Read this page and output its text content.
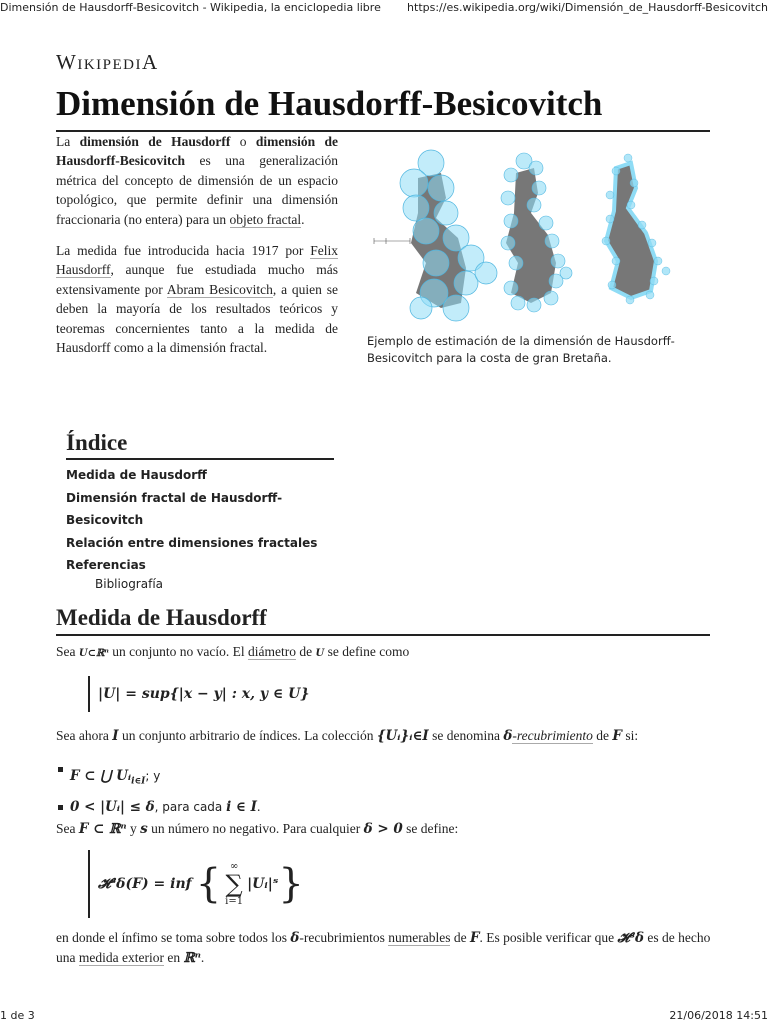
Dimensión de Hausdorff-Besicovitch - Wikipedia, la enciclopedia libre https://es.wikipedia.org/wiki/Dimensión_de_Hausdorff-Besicovitch
WikipediA
Dimensión de Hausdorff-Besicovitch

La dimensión de Hausdorff o dimensión de Hausdorff-Besicovitch es una generalización métrica del concepto de dimensión de un espacio topológico, que permite definir una dimensión fraccionaria (no entera) para un objeto fractal.

La medida fue introducida hacia 1917 por Felix Hausdorff, aunque fue estudiada mucho más extensivamente por Abram Besicovitch, a quien se deben la mayoría de los resultados teóricos y teoremas concernientes tanto a la medida de Hausdorff como a la dimensión fractal.	Ejemplo de estimación de la dimensión de Hausdorff-Besicovitch para la costa de gran Bretaña.
Índice
Medida de Hausdorff
Dimensión fractal de Hausdorff-Besicovitch
Relación entre dimensiones fractales
Referencias
Bibliografía
Medida de Hausdorff
Sea U⊂ℝⁿ un conjunto no vacío. El diámetro de U se define como
|U| = sup{|x − y| : x, y ∈ U}
Sea ahora I un conjunto arbitrario de índices. La colección {Uᵢ}ᵢ∈I se denomina δ-recubrimiento de F si:
F ⊂ ⋃ Uᵢ$_{i\in I}$; y
0 < |Uᵢ| ≤ δ, para cada i ∈ I.
Sea F ⊂ ℝⁿ y s un número no negativo. Para cualquier δ > 0 se define:
𝓗ˢδ(F) = inf { ∞
∑
i=1
|Uᵢ|ˢ }
en donde el ínfimo se toma sobre todos los δ-recubrimientos numerables de F. Es posible verificar que 𝓗ˢδ es de hecho una medida exterior en ℝⁿ.
1 de 3	21/06/2018 14:51
